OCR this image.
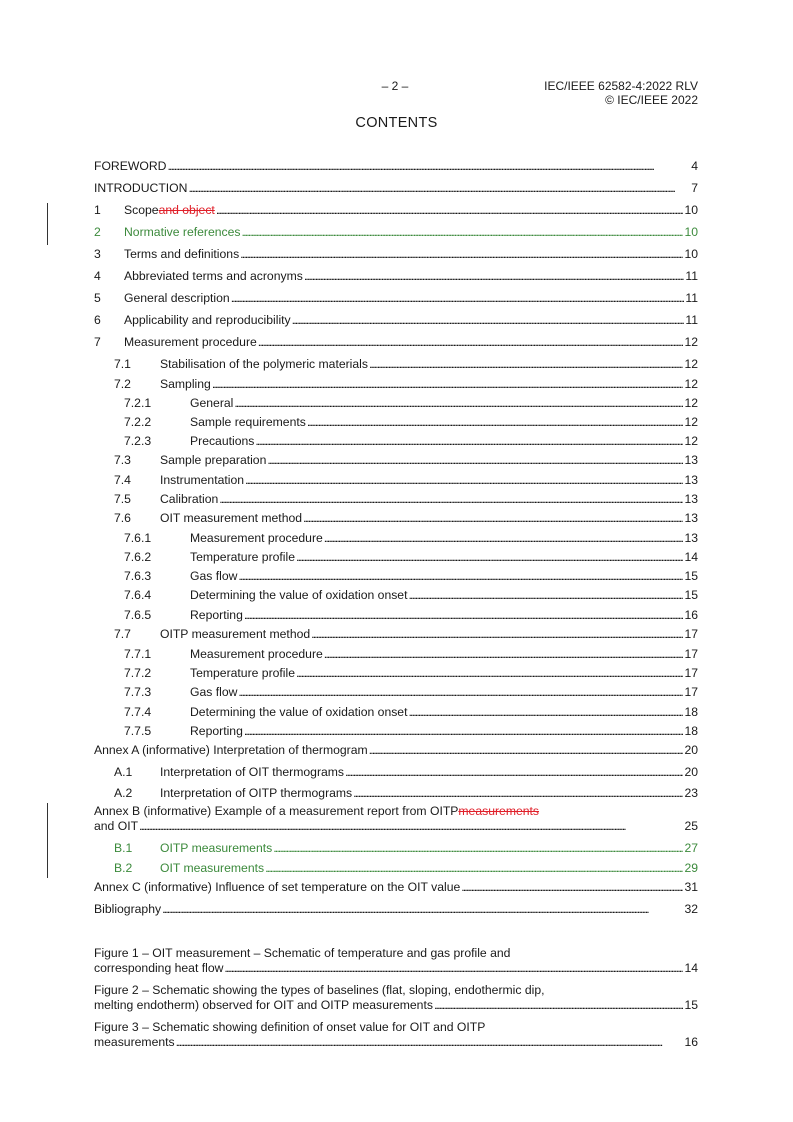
– 2 –	IEC/IEEE 62582-4:2022 RLV
© IEC/IEEE 2022
CONTENTS
FOREWORD . . .	4
INTRODUCTION . . .	7
1 Scope and object . . .	10
2 Normative references . . .	10
3 Terms and definitions . . .	10
4 Abbreviated terms and acronyms . . .	11
5 General description . . .	11
6 Applicability and reproducibility . . .	11
7 Measurement procedure . . .	12
7.1 Stabilisation of the polymeric materials . . .	12
7.2 Sampling . . .	12
7.2.1	General . . .	12
7.2.2	Sample requirements . . .	12
7.2.3	Precautions . . .	12
7.3 Sample preparation . . .	13
7.4 Instrumentation . . .	13
7.5 Calibration . . .	13
7.6 OIT measurement method . . .	13
7.6.1	Measurement procedure . . .	13
7.6.2	Temperature profile . . .	14
7.6.3	Gas flow . . .	15
7.6.4	Determining the value of oxidation onset . . .	15
7.6.5	Reporting . . .	16
7.7 OITP measurement method . . .	17
7.7.1	Measurement procedure . . .	17
7.7.2	Temperature profile . . .	17
7.7.3	Gas flow . . .	17
7.7.4	Determining the value of oxidation onset . . .	18
7.7.5	Reporting . . .	18
Annex A (informative) Interpretation of thermogram . . .	20
A.1 Interpretation of OIT thermograms . . .	20
A.2 Interpretation of OITP thermograms . . .	23
Annex B (informative) Example of a measurement report from OITP measurements
and OIT . . .	25
B.1 OITP measurements . . .	27
B.2 OIT measurements . . .	29
Annex C (informative) Influence of set temperature on the OIT value . . .	31
Bibliography . . .	32
Figure 1 – OIT measurement – Schematic of temperature and gas profile and
corresponding heat flow . . .	14
Figure 2 – Schematic showing the types of baselines (flat, sloping, endothermic dip,
melting endotherm) observed for OIT and OITP measurements . . .	15
Figure 3 – Schematic showing definition of onset value for OIT and OITP
measurements . . .	16
